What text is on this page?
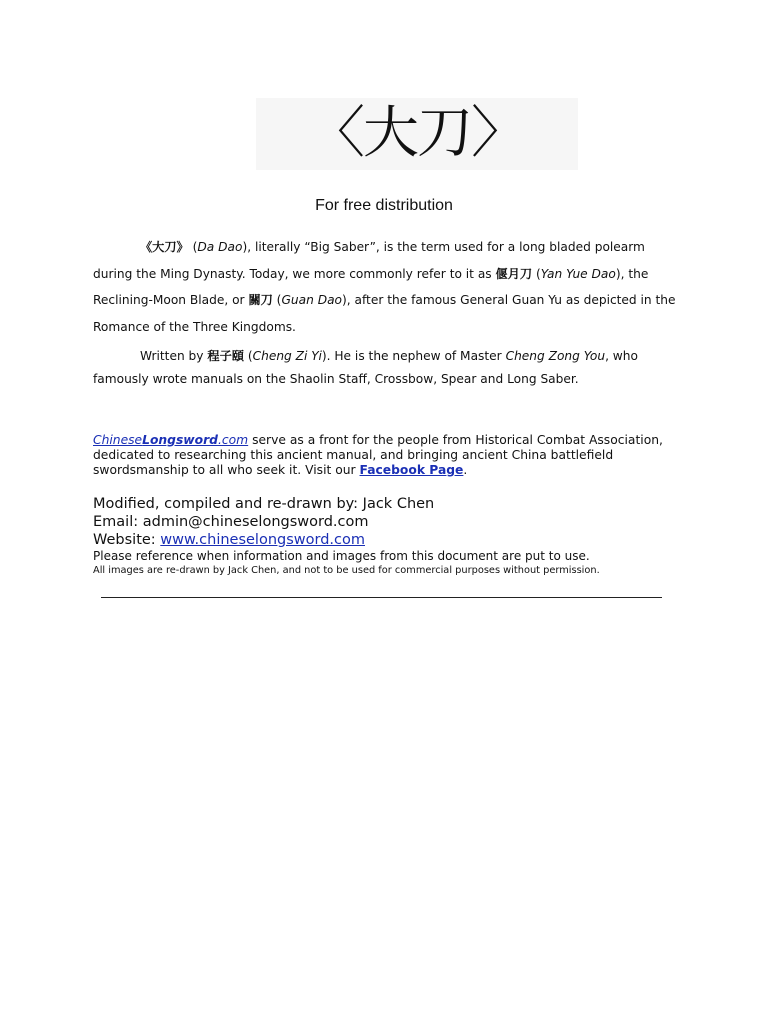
〈大刀〉
For free distribution
《大刀》 (Da Dao), literally “Big Saber”, is the term used for a long bladed polearm during the Ming Dynasty. Today, we more commonly refer to it as 偃月刀 (Yan Yue Dao), the Reclining-Moon Blade, or 關刀 (Guan Dao), after the famous General Guan Yu as depicted in the Romance of the Three Kingdoms.
Written by 程子頤 (Cheng Zi Yi). He is the nephew of Master Cheng Zong You, who famously wrote manuals on the Shaolin Staff, Crossbow, Spear and Long Saber.
ChineseLongsword.com serve as a front for the people from Historical Combat Association, dedicated to researching this ancient manual, and bringing ancient China battlefield swordsmanship to all who seek it. Visit our Facebook Page.
Modified, compiled and re-drawn by: Jack Chen
Email: admin@chineselongsword.com
Website: www.chineselongsword.com
Please reference when information and images from this document are put to use.
All images are re-drawn by Jack Chen, and not to be used for commercial purposes without permission.
